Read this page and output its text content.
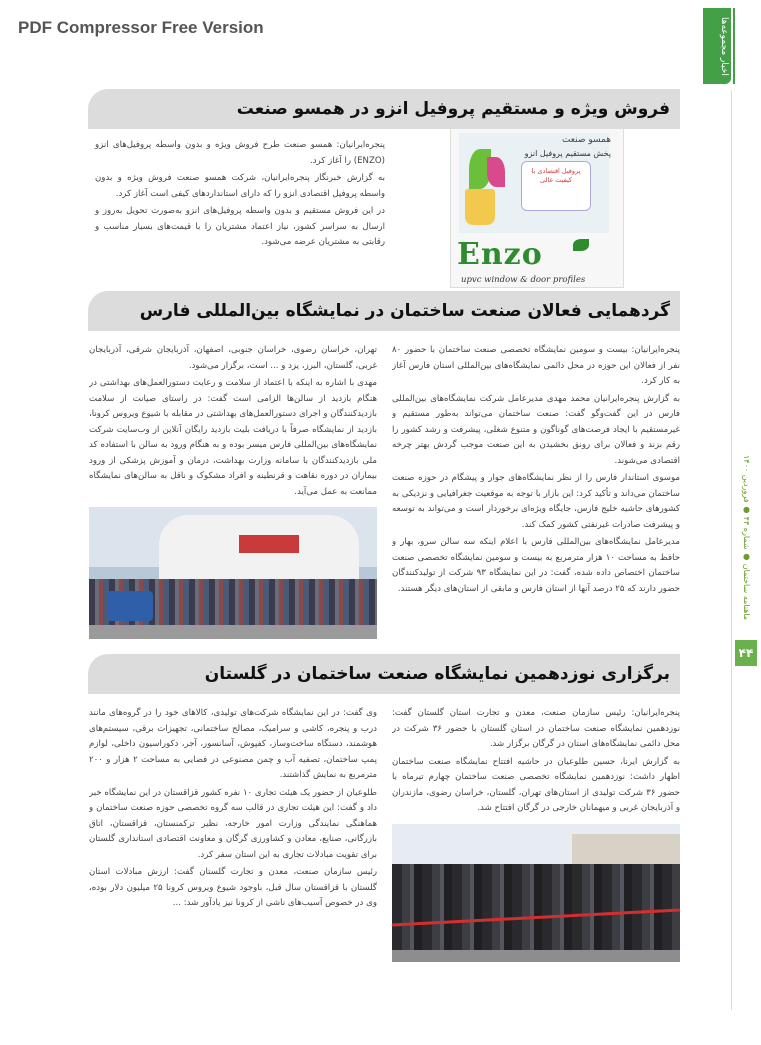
PDF Compressor Free Version	اخبار مجموعه‌ها
ماهنامه ساختمان ● شماره ۴۴ ● فروردین ۱۴۰۰
۴۴
فروش ویژه و مستقیم پروفیل انزو در همسو صنعت
همسو صنعت
پخش مستقیم پروفیل انزو
پروفیل اقتصادی با کیفیت عالی
Enzo
upvc window & door profiles

پنجره‌ایرانیان: همسو صنعت طرح فروش ویژه و بدون واسطه پروفیل‌های انزو (ENZO) را آغاز کرد.

به گزارش خبرنگار پنجره‌ایرانیان، شرکت همسو صنعت فروش ویژه و بدون واسطه پروفیل اقتصادی انزو را که دارای استانداردهای کیفی است آغاز کرد.

در این فروش مستقیم و بدون واسطه پروفیل‌های انزو به‌صورت تحویل به‌روز و ارسال به سراسر کشور، نیاز اعتماد مشتریان را با قیمت‌های بسیار مناسب و رقابتی به مشتریان عرضه می‌شود.

گردهمایی فعالان صنعت ساختمان در نمایشگاه بین‌المللی فارس

پنجره‌ایرانیان: بیست و سومین نمایشگاه تخصصی صنعت ساختمان با حضور ۸۰ نفر از فعالان این حوزه در محل دائمی نمایشگاه‌های بین‌المللی استان فارس آغاز به کار کرد.

به گزارش پنجره‌ایرانیان محمد مهدی مدیرعامل شرکت نمایشگاه‌های بین‌المللی فارس در این گفت‌وگو گفت: صنعت ساختمان می‌تواند به‌طور مستقیم و غیرمستقیم با ایجاد فرصت‌های گوناگون و متنوع شغلی، پیشرفت و رشد کشور را رقم بزند و فعالان برای رونق بخشیدن به این صنعت موجب گردش بهتر چرخه اقتصادی می‌شوند.

موسوی استاندار فارس را از نظر نمایشگاه‌های جوار و پیشگام در حوزه صنعت ساختمان می‌داند و تأکید کرد: این بازار با توجه به موقعیت جغرافیایی و نزدیکی به کشورهای حاشیه خلیج فارس، جایگاه ویژه‌ای برخوردار است و می‌تواند به توسعه و پیشرفت صادرات غیرنفتی کشور کمک کند.

مدیرعامل نمایشگاه‌های بین‌المللی فارس با اعلام اینکه سه سالن سرو، بهار و حافظ به مساحت ۱۰ هزار مترمربع به بیست و سومین نمایشگاه تخصصی صنعت ساختمان اختصاص داده شده، گفت: در این نمایشگاه ۹۳ شرکت از تولیدکنندگان حضور دارند که ۲۵ درصد آنها از استان فارس و مابقی از استان‌های دیگر هستند.

تهران، خراسان رضوی، خراسان جنوبی، اصفهان، آذربایجان شرقی، آذربایجان غربی، گلستان، البرز، یزد و ... است، برگزار می‌شود.

مهدی با اشاره به اینکه با اعتماد از سلامت و رعایت دستورالعمل‌های بهداشتی در هنگام بازدید از سالن‌ها الزامی است گفت: در راستای صیانت از سلامت بازدیدکنندگان و اجرای دستورالعمل‌های بهداشتی در مقابله با شیوع ویروس کرونا، بازدید از نمایشگاه صرفاً با دریافت بلیت بازدید رایگان آنلاین از وب‌سایت شرکت نمایشگاه‌های بین‌المللی فارس میسر بوده و به هنگام ورود به سالن با استفاده کد ملی بازدیدکنندگان با سامانه وزارت بهداشت، درمان و آموزش پزشکی از ورود بیماران در دوره نقاهت و قرنطینه و افراد مشکوک و ناقل به سالن‌های نمایشگاه ممانعت به عمل می‌آید.

برگزاری نوزدهمین نمایشگاه صنعت ساختمان در گلستان

پنجره‌ایرانیان: رئیس سازمان صنعت، معدن و تجارت استان گلستان گفت: نوزدهمین نمایشگاه صنعت ساختمان در استان گلستان با حضور ۳۶ شرکت در محل دائمی نمایشگاه‌های استان در گرگان برگزار شد.

به گزارش ایرنا، حسین طلوعیان در حاشیه افتتاح نمایشگاه صنعت ساختمان اظهار داشت: نوزدهمین نمایشگاه تخصصی صنعت ساختمان چهارم تیرماه با حضور ۳۶ شرکت تولیدی از استان‌های تهران، گلستان، خراسان رضوی، مازندران و آذربایجان غربی و میهمانان خارجی در گرگان افتتاح شد.

وی گفت: در این نمایشگاه شرکت‌های تولیدی، کالاهای خود را در گروه‌های مانند درب و پنجره، کاشی و سرامیک، مصالح ساختمانی، تجهیزات برقی، سیستم‌های هوشمند، دستگاه ساخت‌وساز، کفپوش، آسانسور، آجر، دکوراسیون داخلی، لوازم پمپ ساختمان، تصفیه آب و چمن مصنوعی در فضایی به مساحت ۲ هزار و ۲۰۰ مترمربع به نمایش گذاشتند.

طلوعیان از حضور یک هیئت تجاری ۱۰ نفره کشور قزاقستان در این نمایشگاه خبر داد و گفت: این هیئت تجاری در قالب سه گروه تخصصی حوزه صنعت ساختمان و هماهنگی نمایندگی وزارت امور خارجه، نظیر ترکمنستان، قزاقستان، اتاق بازرگانی، صنایع، معادن و کشاورزی گرگان و معاونت اقتصادی استانداری گلستان برای تقویت مبادلات تجاری به این استان سفر کرد.

رئیس سازمان صنعت، معدن و تجارت گلستان گفت: ارزش مبادلات استان گلستان با قزاقستان سال قبل، باوجود شیوع ویروس کرونا ۲۵ میلیون دلار بوده، وی در خصوص آسیب‌های ناشی از کرونا نیز یادآور شد: ...
